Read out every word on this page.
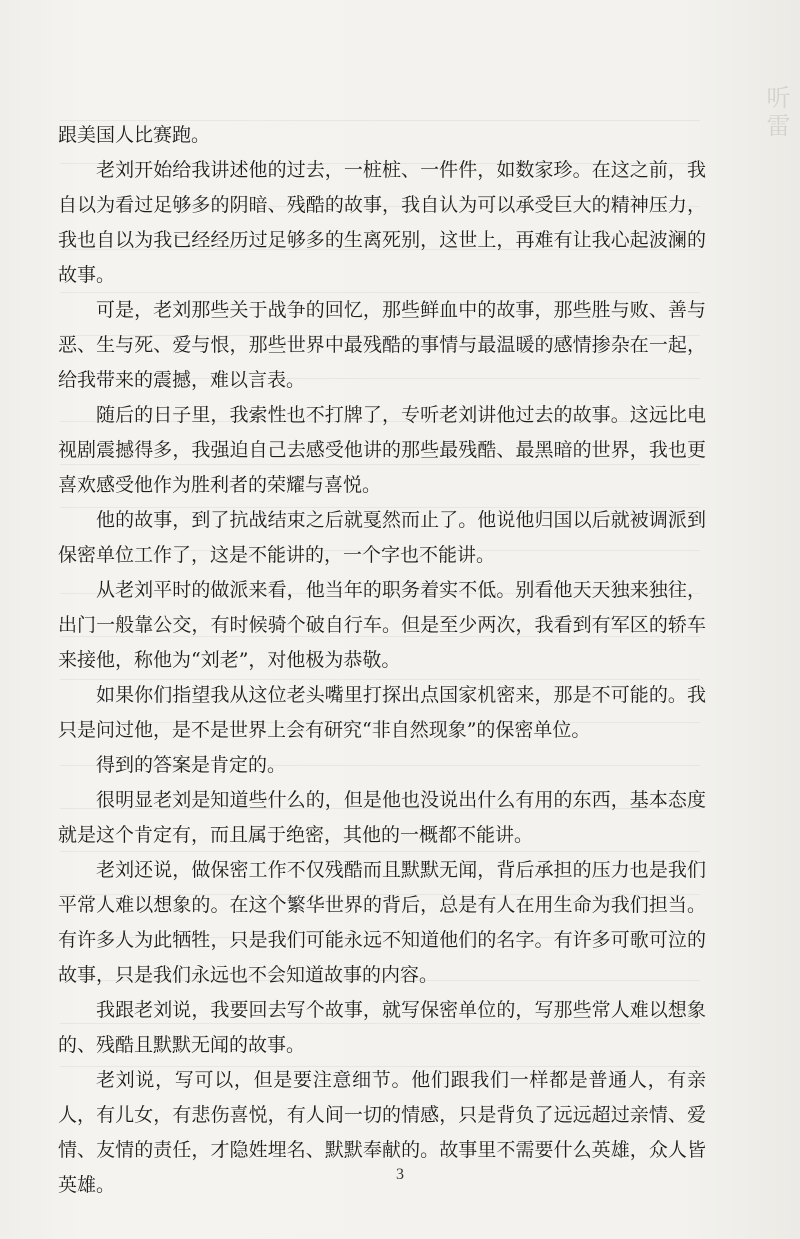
听雷

跟美国人比赛跑。

老刘开始给我讲述他的过去，一桩桩、一件件，如数家珍。在这之前，我自以为看过足够多的阴暗、残酷的故事，我自认为可以承受巨大的精神压力，我也自以为我已经经历过足够多的生离死别，这世上，再难有让我心起波澜的故事。

可是，老刘那些关于战争的回忆，那些鲜血中的故事，那些胜与败、善与恶、生与死、爱与恨，那些世界中最残酷的事情与最温暖的感情掺杂在一起，给我带来的震撼，难以言表。

随后的日子里，我索性也不打牌了，专听老刘讲他过去的故事。这远比电视剧震撼得多，我强迫自己去感受他讲的那些最残酷、最黑暗的世界，我也更喜欢感受他作为胜利者的荣耀与喜悦。

他的故事，到了抗战结束之后就戛然而止了。他说他归国以后就被调派到保密单位工作了，这是不能讲的，一个字也不能讲。

从老刘平时的做派来看，他当年的职务着实不低。别看他天天独来独往，出门一般靠公交，有时候骑个破自行车。但是至少两次，我看到有军区的轿车来接他，称他为“刘老”，对他极为恭敬。

如果你们指望我从这位老头嘴里打探出点国家机密来，那是不可能的。我只是问过他，是不是世界上会有研究“非自然现象”的保密单位。

得到的答案是肯定的。

很明显老刘是知道些什么的，但是他也没说出什么有用的东西，基本态度就是这个肯定有，而且属于绝密，其他的一概都不能讲。

老刘还说，做保密工作不仅残酷而且默默无闻，背后承担的压力也是我们平常人难以想象的。在这个繁华世界的背后，总是有人在用生命为我们担当。有许多人为此牺牲，只是我们可能永远不知道他们的名字。有许多可歌可泣的故事，只是我们永远也不会知道故事的内容。

我跟老刘说，我要回去写个故事，就写保密单位的，写那些常人难以想象的、残酷且默默无闻的故事。

老刘说，写可以，但是要注意细节。他们跟我们一样都是普通人，有亲人，有儿女，有悲伤喜悦，有人间一切的情感，只是背负了远远超过亲情、爱情、友情的责任，才隐姓埋名、默默奉献的。故事里不需要什么英雄，众人皆英雄。	3
